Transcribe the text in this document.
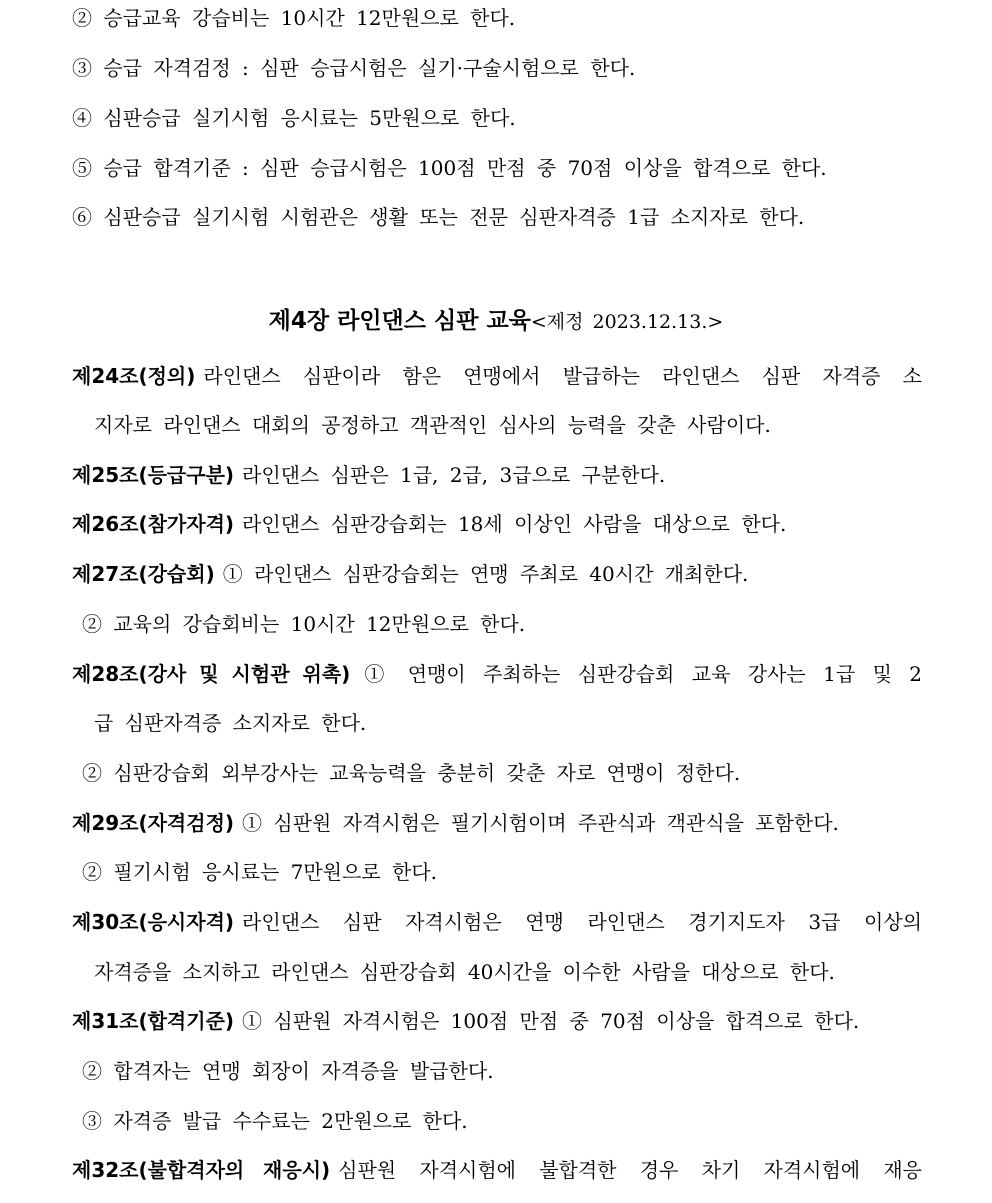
② 승급교육 강습비는 10시간 12만원으로 한다.
③ 승급 자격검정 : 심판 승급시험은 실기·구술시험으로 한다.
④ 심판승급 실기시험 응시료는 5만원으로 한다.
⑤ 승급 합격기준 : 심판 승급시험은 100점 만점 중 70점 이상을 합격으로 한다.
⑥ 심판승급 실기시험 시험관은 생활 또는 전문 심판자격증 1급 소지자로 한다.
제4장 라인댄스 심판 교육<제정 2023.12.13.>
제24조(정의) 라인댄스 심판이라 함은 연맹에서 발급하는 라인댄스 심판 자격증 소
지자로 라인댄스 대회의 공정하고 객관적인 심사의 능력을 갖춘 사람이다.
제25조(등급구분) 라인댄스 심판은 1급, 2급, 3급으로 구분한다.
제26조(참가자격) 라인댄스 심판강습회는 18세 이상인 사람을 대상으로 한다.
제27조(강습회) ① 라인댄스 심판강습회는 연맹 주최로 40시간 개최한다.
② 교육의 강습회비는 10시간 12만원으로 한다.
제28조(강사 및 시험관 위촉) ① 연맹이 주최하는 심판강습회 교육 강사는 1급 및 2
급 심판자격증 소지자로 한다.
② 심판강습회 외부강사는 교육능력을 충분히 갖춘 자로 연맹이 정한다.
제29조(자격검정) ① 심판원 자격시험은 필기시험이며 주관식과 객관식을 포함한다.
② 필기시험 응시료는 7만원으로 한다.
제30조(응시자격) 라인댄스 심판 자격시험은 연맹 라인댄스 경기지도자 3급 이상의
자격증을 소지하고 라인댄스 심판강습회 40시간을 이수한 사람을 대상으로 한다.
제31조(합격기준) ① 심판원 자격시험은 100점 만점 중 70점 이상을 합격으로 한다.
② 합격자는 연맹 회장이 자격증을 발급한다.
③ 자격증 발급 수수료는 2만원으로 한다.
제32조(불합격자의 재응시) 심판원 자격시험에 불합격한 경우 차기 자격시험에 재응
